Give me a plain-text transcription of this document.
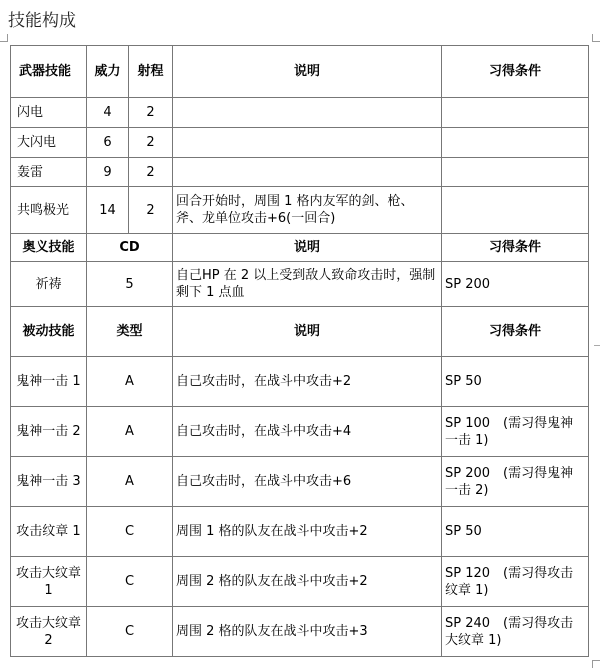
技能构成
武器技能	威力	射程	说明	习得条件
闪电	4	2		
大闪电	6	2		
轰雷	9	2		
共鸣极光	14	2	回合开始时，周围 1 格内友军的剑、枪、斧、龙单位攻击+6(一回合)	
奥义技能	CD		说明	习得条件
祈祷	5		自己HP 在 2 以上受到敌人致命攻击时，强制剩下 1 点血	SP 200
被动技能	类型		说明	习得条件
鬼神一击 1	A		自己攻击时，在战斗中攻击+2	SP 50
鬼神一击 2	A		自己攻击时，在战斗中攻击+4	SP 100　(需习得鬼神一击 1)
鬼神一击 3	A		自己攻击时，在战斗中攻击+6	SP 200　(需习得鬼神一击 2)
攻击纹章 1	C		周围 1 格的队友在战斗中攻击+2	SP 50
攻击大纹章 1	C		周围 2 格的队友在战斗中攻击+2	SP 120　(需习得攻击纹章 1)
攻击大纹章 2	C		周围 2 格的队友在战斗中攻击+3	SP 240　(需习得攻击大纹章 1)
